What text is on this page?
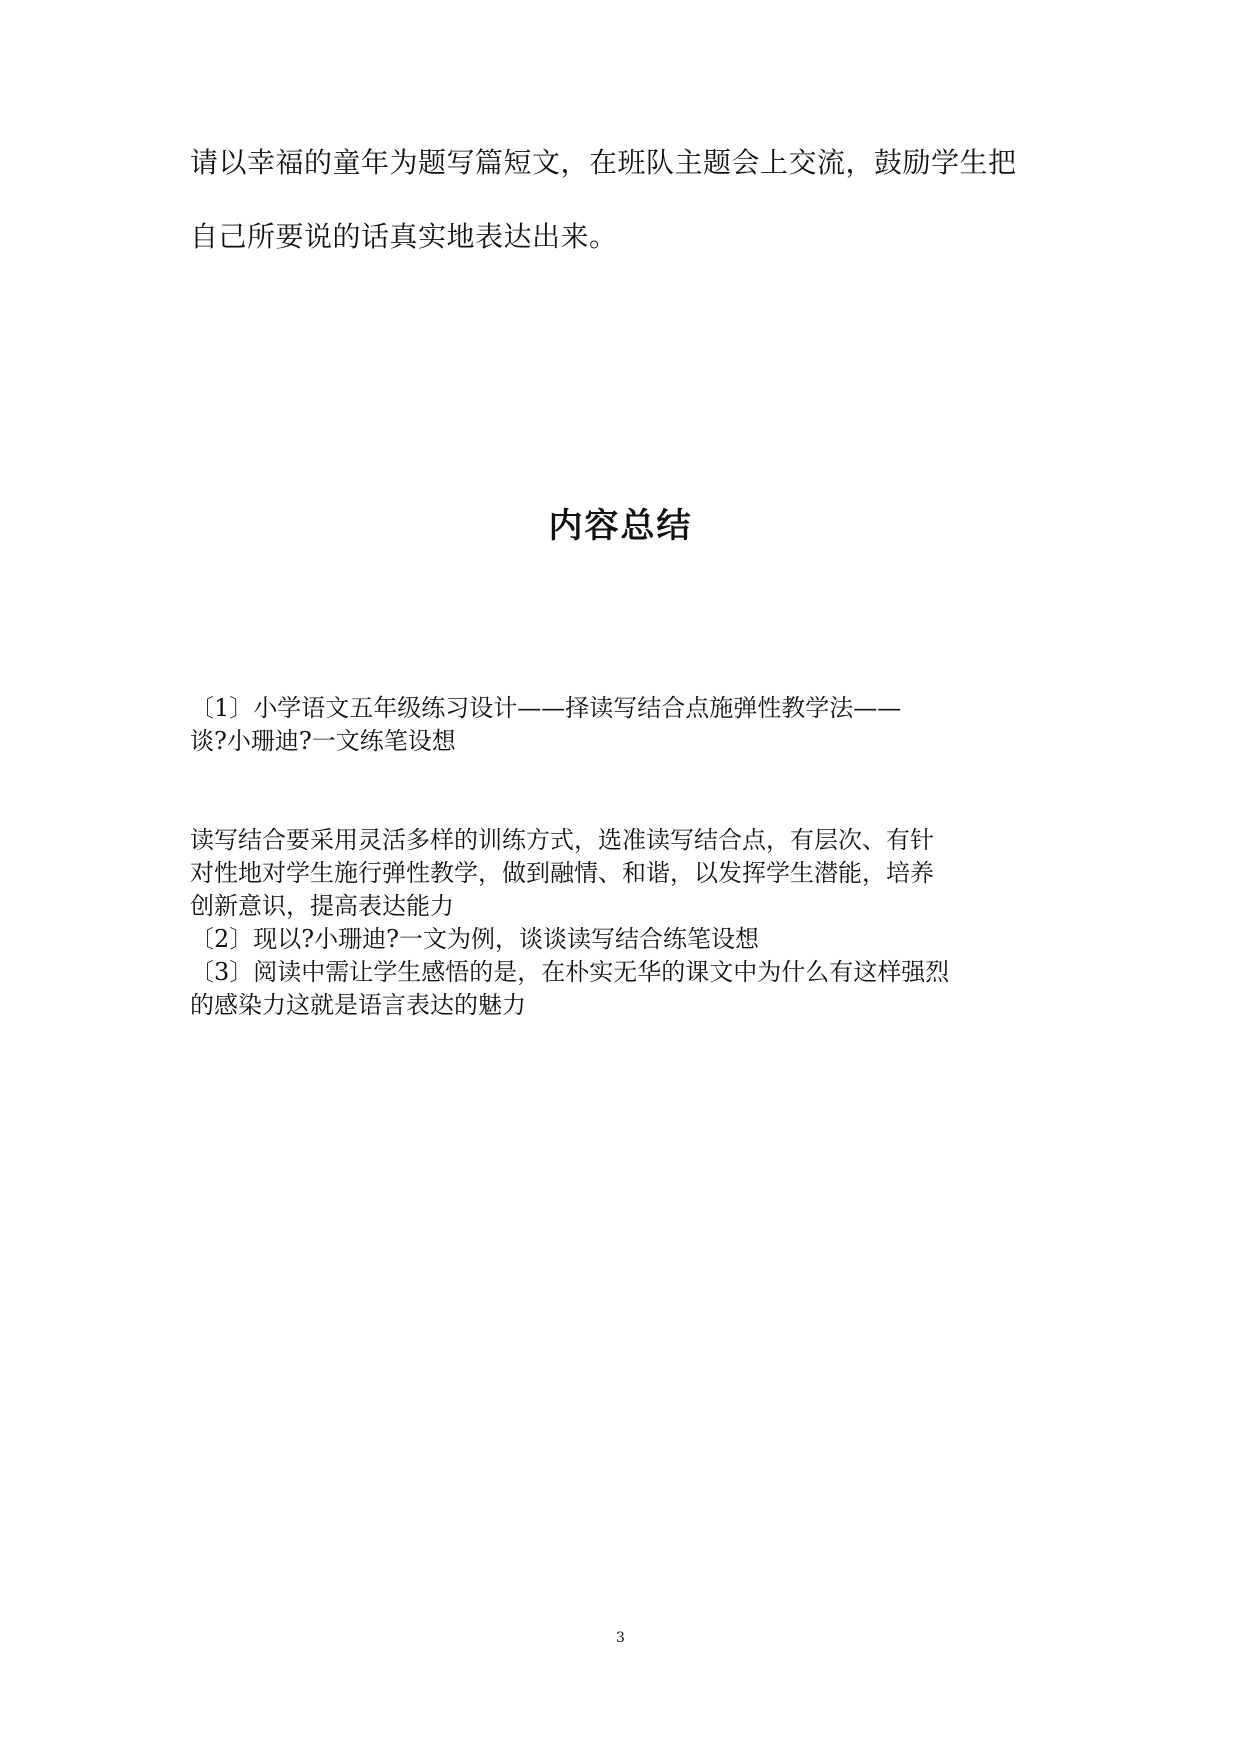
请以幸福的童年为题写篇短文，在班队主题会上交流，鼓励学生把

自己所要说的话真实地表达出来。

内容总结

〔1〕小学语文五年级练习设计——择读写结合点施弹性教学法——

谈?小珊迪?一文练笔设想

读写结合要采用灵活多样的训练方式，选准读写结合点，有层次、有针

对性地对学生施行弹性教学，做到融情、和谐，以发挥学生潜能，培养

创新意识，提高表达能力

〔2〕现以?小珊迪?一文为例，谈谈读写结合练笔设想

〔3〕阅读中需让学生感悟的是，在朴实无华的课文中为什么有这样强烈

的感染力这就是语言表达的魅力

3
